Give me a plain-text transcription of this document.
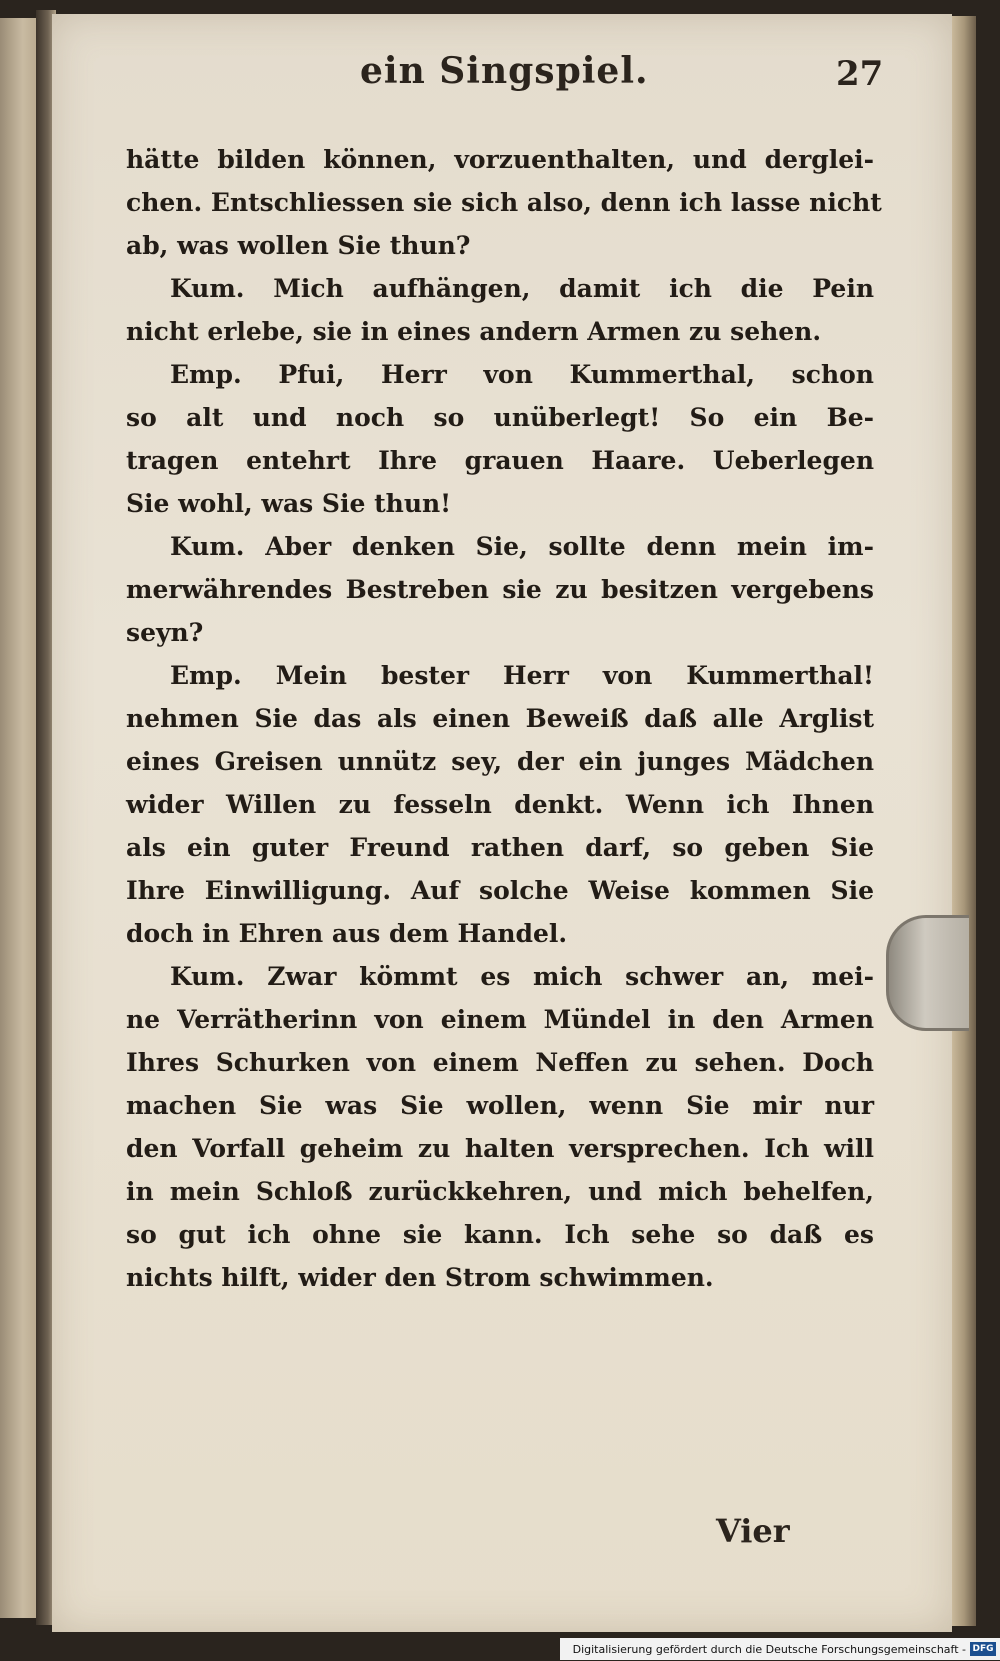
ein Singspiel.	27
hätte bilden können, vorzuenthalten, und derglei-
chen. Entschliessen sie sich also, denn ich lasse nicht
ab, was wollen Sie thun?
Kum. Mich aufhängen, damit ich die Pein
nicht erlebe, sie in eines andern Armen zu sehen.
Emp. Pfui, Herr von Kummerthal, schon
so alt und noch so unüberlegt! So ein Be-
tragen entehrt Ihre grauen Haare. Ueberlegen
Sie wohl, was Sie thun!
Kum. Aber denken Sie, sollte denn mein im-
merwährendes Bestreben sie zu besitzen vergebens
seyn?
Emp. Mein bester Herr von Kummerthal!
nehmen Sie das als einen Beweiß daß alle Arglist
eines Greisen unnütz sey, der ein junges Mädchen
wider Willen zu fesseln denkt. Wenn ich Ihnen
als ein guter Freund rathen darf, so geben Sie
Ihre Einwilligung. Auf solche Weise kommen Sie
doch in Ehren aus dem Handel.
Kum. Zwar kömmt es mich schwer an, mei-
ne Verrätherinn von einem Mündel in den Armen
Ihres Schurken von einem Neffen zu sehen. Doch
machen Sie was Sie wollen, wenn Sie mir nur
den Vorfall geheim zu halten versprechen. Ich will
in mein Schloß zurückkehren, und mich behelfen,
so gut ich ohne sie kann. Ich sehe so daß es
nichts hilft, wider den Strom schwimmen.
Vier
Digitalisierung gefördert durch die Deutsche Forschungsgemeinschaft - DFG
